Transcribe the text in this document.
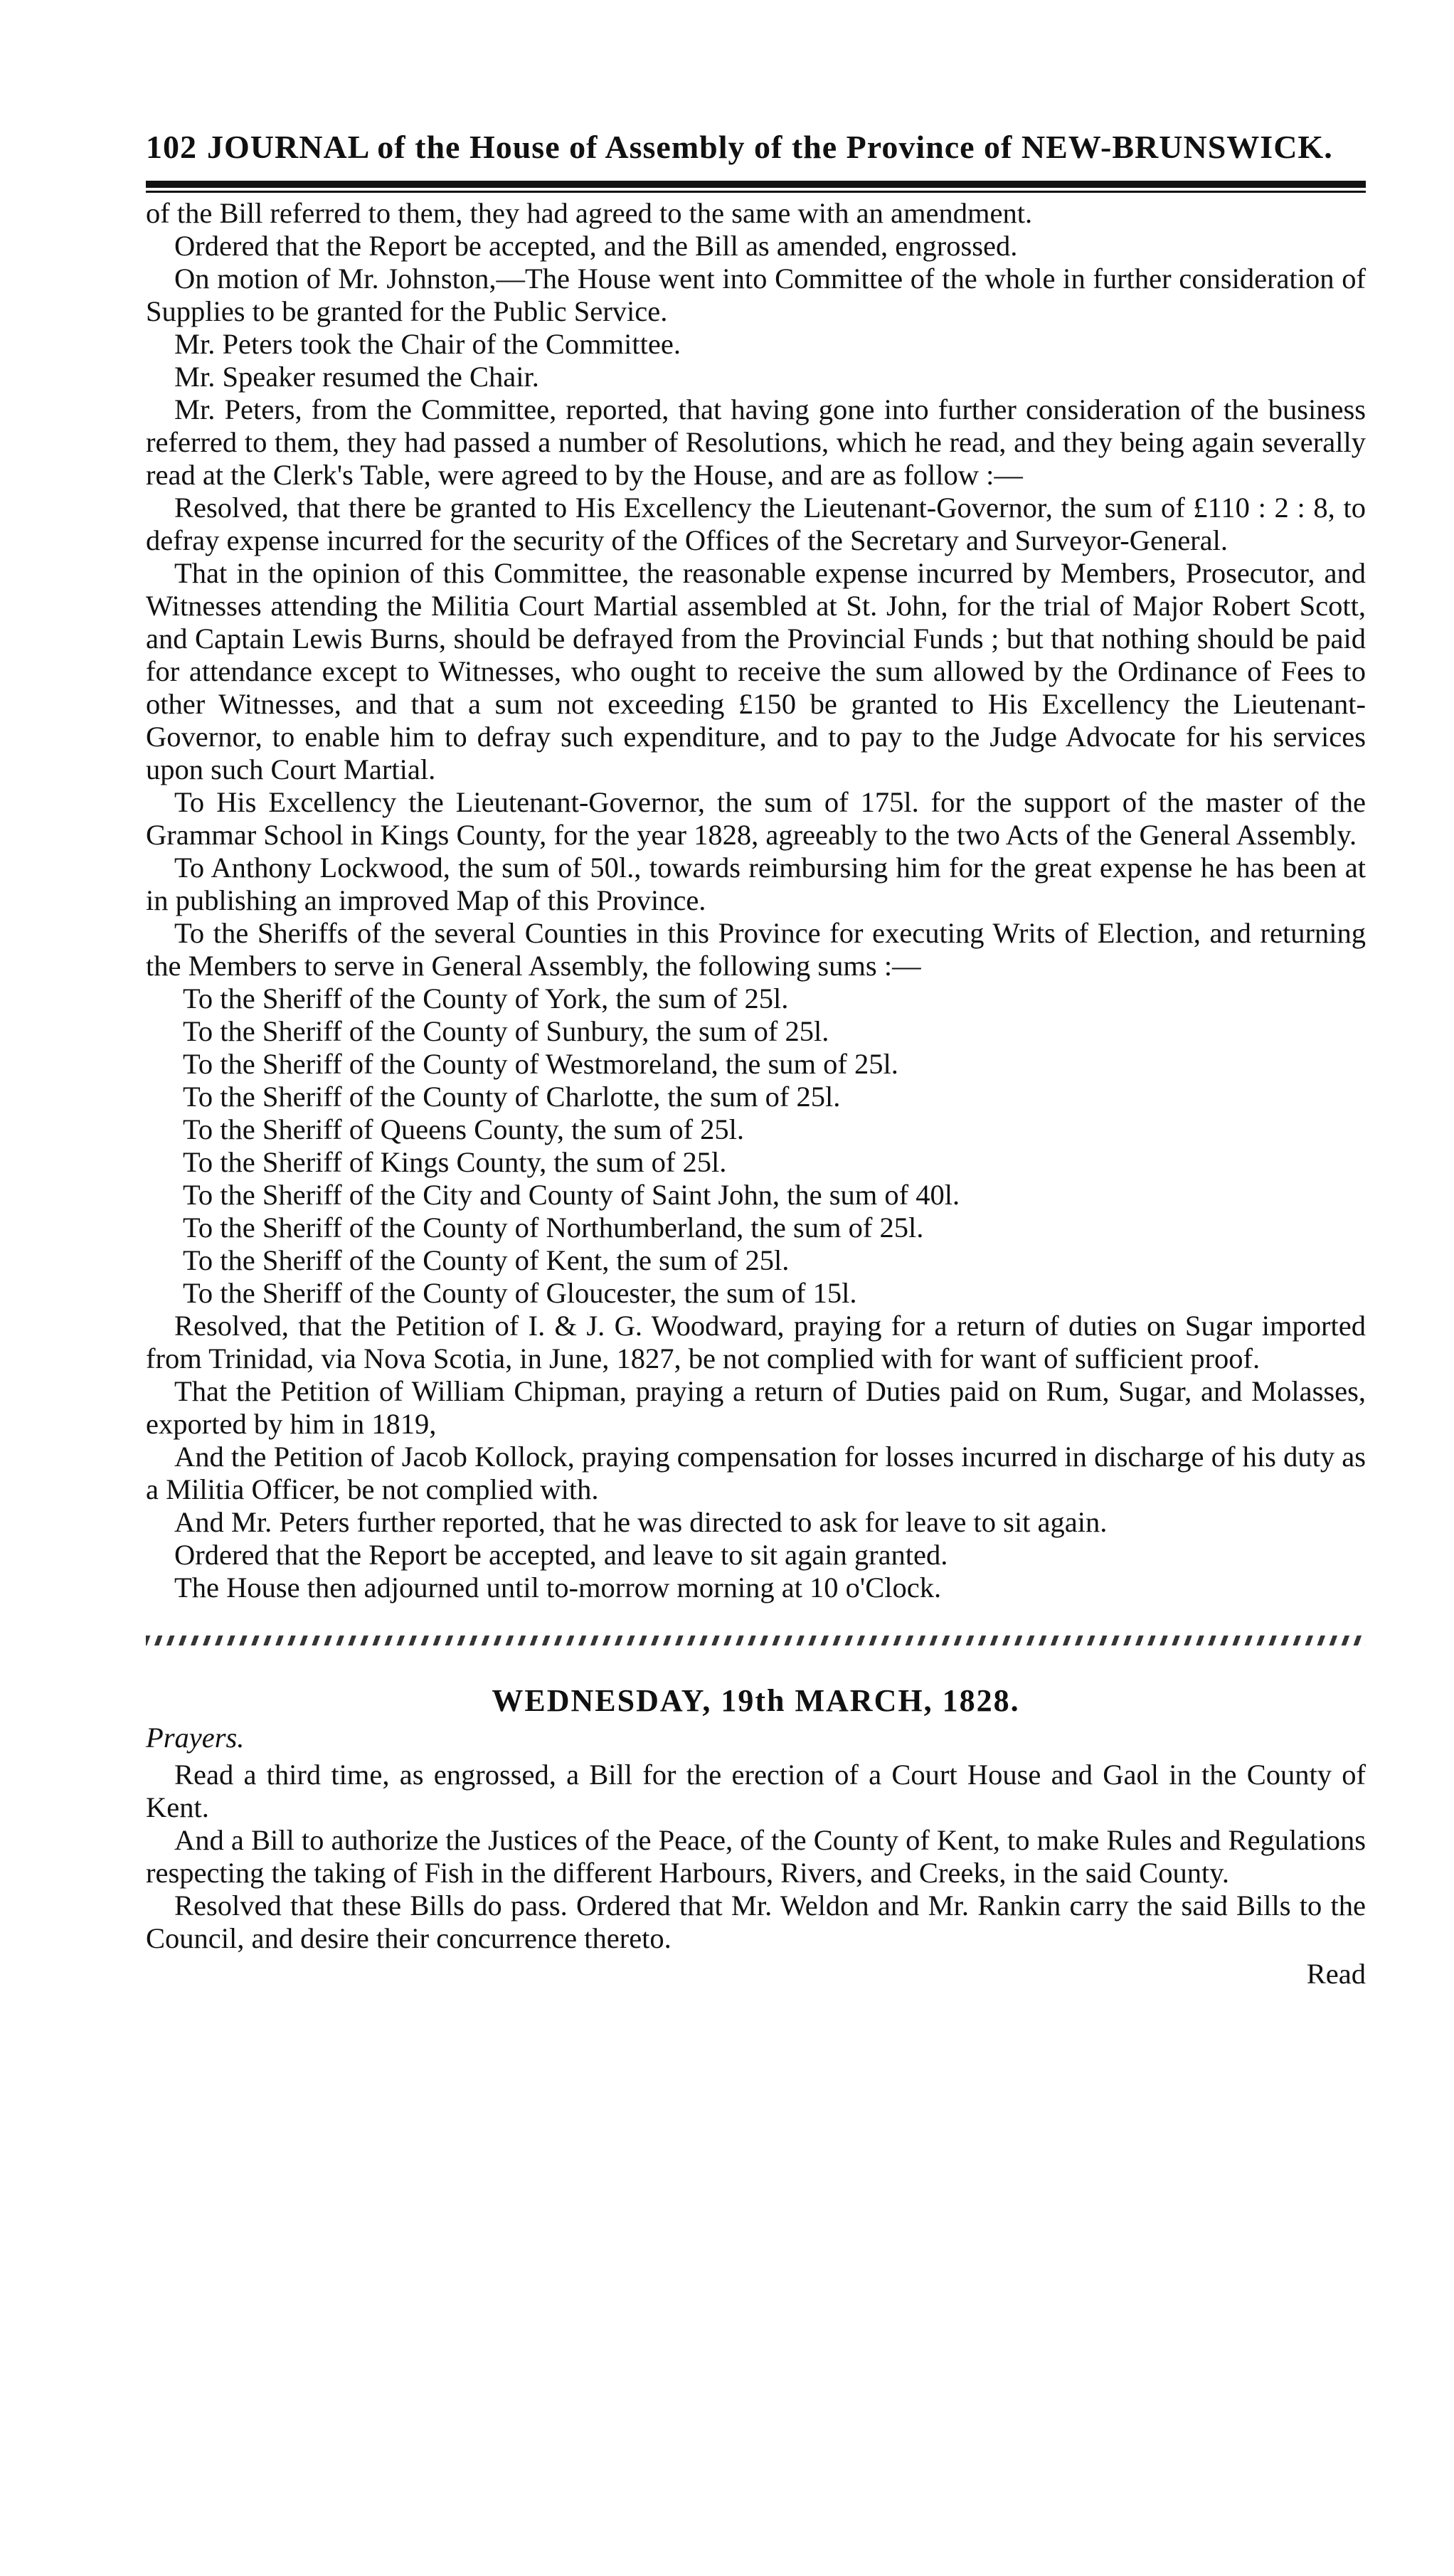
102 JOURNAL of the House of Assembly of the Province of NEW-BRUNSWICK.

of the Bill referred to them, they had agreed to the same with an amendment.

Ordered that the Report be accepted, and the Bill as amended, engrossed.

On motion of Mr. Johnston,—The House went into Committee of the whole in further consideration of Supplies to be granted for the Public Service.

Mr. Peters took the Chair of the Committee.

Mr. Speaker resumed the Chair.

Mr. Peters, from the Committee, reported, that having gone into further consideration of the business referred to them, they had passed a number of Resolutions, which he read, and they being again severally read at the Clerk's Table, were agreed to by the House, and are as follow :—

Resolved, that there be granted to His Excellency the Lieutenant-Governor, the sum of £110 : 2 : 8, to defray expense incurred for the security of the Offices of the Secretary and Surveyor-General.

That in the opinion of this Committee, the reasonable expense incurred by Members, Prosecutor, and Witnesses attending the Militia Court Martial assembled at St. John, for the trial of Major Robert Scott, and Captain Lewis Burns, should be defrayed from the Provincial Funds ; but that nothing should be paid for attendance except to Witnesses, who ought to receive the sum allowed by the Ordinance of Fees to other Witnesses, and that a sum not exceeding £150 be granted to His Excellency the Lieutenant-Governor, to enable him to defray such expenditure, and to pay to the Judge Advocate for his services upon such Court Martial.

To His Excellency the Lieutenant-Governor, the sum of 175l. for the support of the master of the Grammar School in Kings County, for the year 1828, agreeably to the two Acts of the General Assembly.

To Anthony Lockwood, the sum of 50l., towards reimbursing him for the great expense he has been at in publishing an improved Map of this Province.

To the Sheriffs of the several Counties in this Province for executing Writs of Election, and returning the Members to serve in General Assembly, the following sums :—

To the Sheriff of the County of York, the sum of 25l.

To the Sheriff of the County of Sunbury, the sum of 25l.

To the Sheriff of the County of Westmoreland, the sum of 25l.

To the Sheriff of the County of Charlotte, the sum of 25l.

To the Sheriff of Queens County, the sum of 25l.

To the Sheriff of Kings County, the sum of 25l.

To the Sheriff of the City and County of Saint John, the sum of 40l.

To the Sheriff of the County of Northumberland, the sum of 25l.

To the Sheriff of the County of Kent, the sum of 25l.

To the Sheriff of the County of Gloucester, the sum of 15l.

Resolved, that the Petition of I. & J. G. Woodward, praying for a return of duties on Sugar imported from Trinidad, via Nova Scotia, in June, 1827, be not complied with for want of sufficient proof.

That the Petition of William Chipman, praying a return of Duties paid on Rum, Sugar, and Molasses, exported by him in 1819,

And the Petition of Jacob Kollock, praying compensation for losses incurred in discharge of his duty as a Militia Officer, be not complied with.

And Mr. Peters further reported, that he was directed to ask for leave to sit again.

Ordered that the Report be accepted, and leave to sit again granted.

The House then adjourned until to-morrow morning at 10 o'Clock.

WEDNESDAY, 19th MARCH, 1828.
Prayers.

Read a third time, as engrossed, a Bill for the erection of a Court House and Gaol in the County of Kent.

And a Bill to authorize the Justices of the Peace, of the County of Kent, to make Rules and Regulations respecting the taking of Fish in the different Harbours, Rivers, and Creeks, in the said County.

Resolved that these Bills do pass. Ordered that Mr. Weldon and Mr. Rankin carry the said Bills to the Council, and desire their concurrence thereto.

Read
